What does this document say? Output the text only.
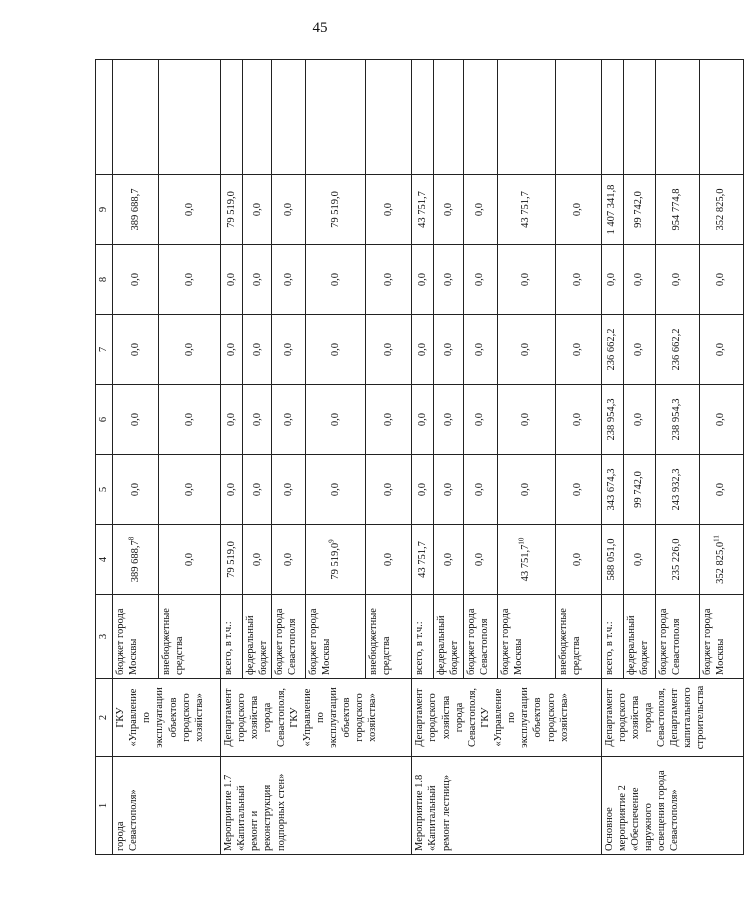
45
1	2	3	4	5	6	7	8	9	
города Севастополя»	ГКУ «Управление по эксплуатации объектов городского хозяйства»	бюджет города Москвы	389 688,7$^8$	0,0	0,0	0,0	0,0	389 688,7	
		внебюджетные средства	0,0	0,0	0,0	0,0	0,0	0,0	
Мероприятие 1.7 «Капитальный ремонт и реконструкция подпорных стен»	Департамент городского хозяйства города Севастополя, ГКУ «Управление по эксплуатации объектов городского хозяйства»	всего, в т.ч.:	79 519,0	0,0	0,0	0,0	0,0	79 519,0	
		федеральный бюджет	0,0	0,0	0,0	0,0	0,0	0,0	
		бюджет города Севастополя	0,0	0,0	0,0	0,0	0,0	0,0	
		бюджет города Москвы	79 519,0$^9$	0,0	0,0	0,0	0,0	79 519,0	
		внебюджетные средства	0,0	0,0	0,0	0,0	0,0	0,0	
Мероприятие 1.8 «Капитальный ремонт лестниц»	Департамент городского хозяйства города Севастополя, ГКУ «Управление по эксплуатации объектов городского хозяйства»	всего, в т.ч.:	43 751,7	0,0	0,0	0,0	0,0	43 751,7	
		федеральный бюджет	0,0	0,0	0,0	0,0	0,0	0,0	
		бюджет города Севастополя	0,0	0,0	0,0	0,0	0,0	0,0	
		бюджет города Москвы	43 751,7$^{10}$	0,0	0,0	0,0	0,0	43 751,7	
		внебюджетные средства	0,0	0,0	0,0	0,0	0,0	0,0	
Основное мероприятие 2 «Обеспечение наружного освещения города Севастополя»	Департамент городского хозяйства города Севастополя, Департамент капитального строительства	всего, в т.ч.:	588 051,0	343 674,3	238 954,3	236 662,2	0,0	1 407 341,8	
		федеральный бюджет	0,0	99 742,0	0,0	0,0	0,0	99 742,0	
		бюджет города Севастополя	235 226,0	243 932,3	238 954,3	236 662,2	0,0	954 774,8	
		бюджет города Москвы	352 825,0$^{11}$	0,0	0,0	0,0	0,0	352 825,0	
